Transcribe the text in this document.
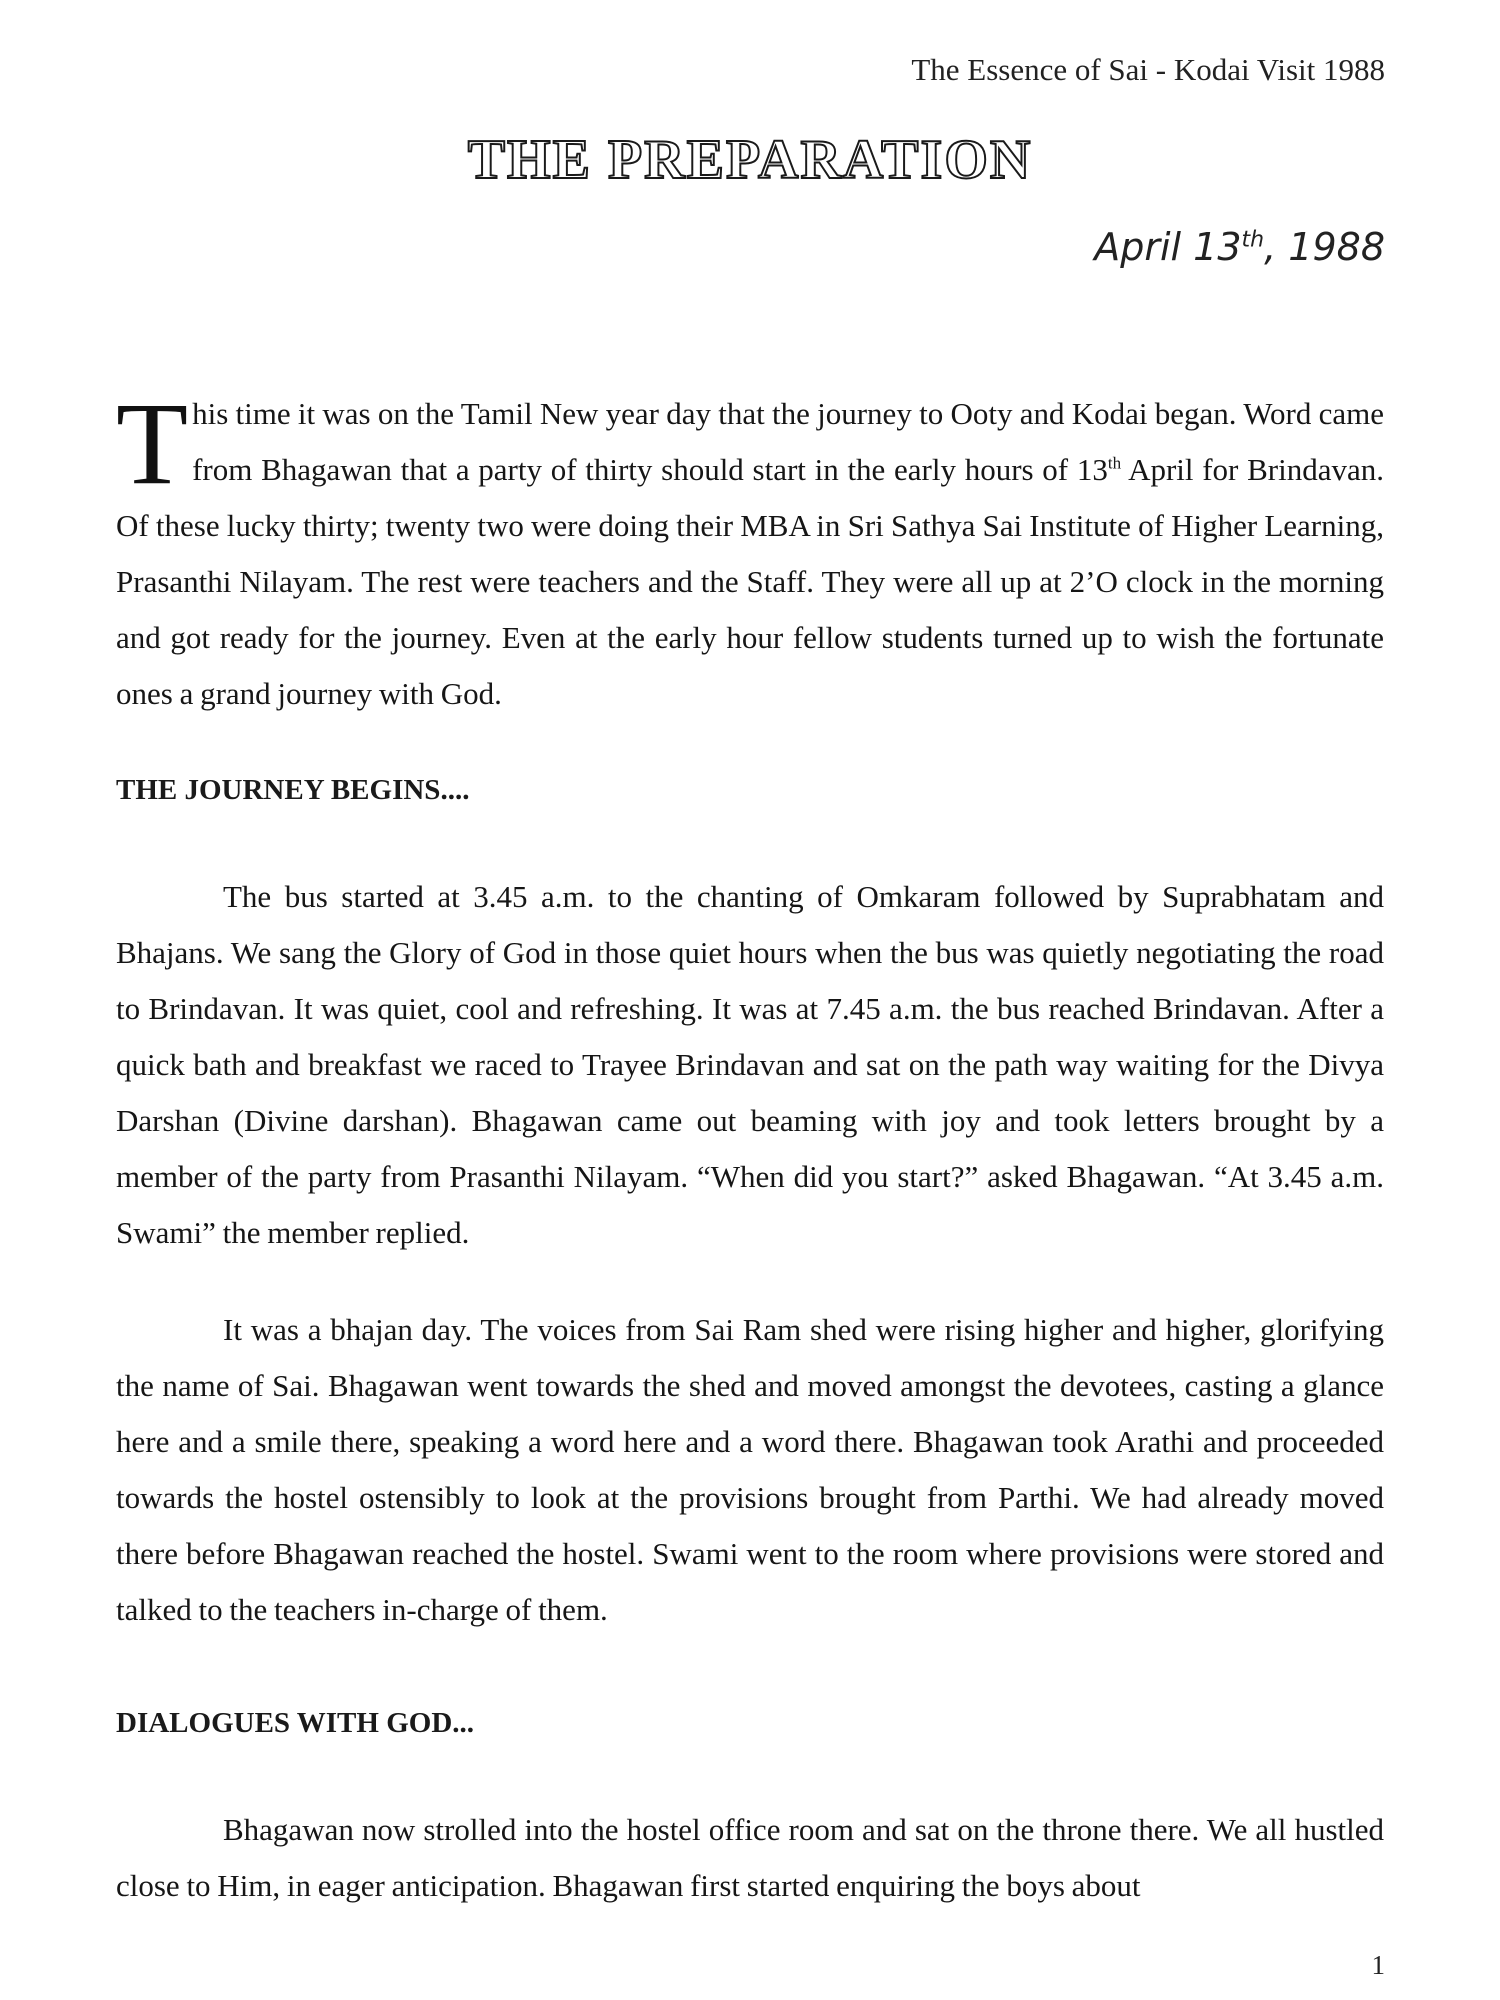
The Essence of Sai - Kodai Visit 1988
THE PREPARATION
April 13th, 1988
This time it was on the Tamil New year day that the journey to Ooty and Kodai began. Word came from Bhagawan that a party of thirty should start in the early hours of 13th April for Brindavan. Of these lucky thirty; twenty two were doing their MBA in Sri Sathya Sai Institute of Higher Learning, Prasanthi Nilayam. The rest were teachers and the Staff. They were all up at 2’O clock in the morning and got ready for the journey. Even at the early hour fellow students turned up to wish the fortunate ones a grand journey with God.
THE JOURNEY BEGINS....
The bus started at 3.45 a.m. to the chanting of Omkaram followed by Suprabhatam and Bhajans. We sang the Glory of God in those quiet hours when the bus was quietly negotiating the road to Brindavan. It was quiet, cool and refreshing. It was at 7.45 a.m. the bus reached Brindavan. After a quick bath and breakfast we raced to Trayee Brindavan and sat on the path way waiting for the Divya Darshan (Divine darshan). Bhagawan came out beaming with joy and took letters brought by a member of the party from Prasanthi Nilayam. “When did you start?” asked Bhagawan. “At 3.45 a.m. Swami” the member replied.
It was a bhajan day. The voices from Sai Ram shed were rising higher and higher, glorifying the name of Sai. Bhagawan went towards the shed and moved amongst the devotees, casting a glance here and a smile there, speaking a word here and a word there. Bhagawan took Arathi and proceeded towards the hostel ostensibly to look at the provisions brought from Parthi. We had already moved there before Bhagawan reached the hostel. Swami went to the room where provisions were stored and talked to the teachers in-charge of them.
DIALOGUES WITH GOD...
Bhagawan now strolled into the hostel office room and sat on the throne there. We all hustled close to Him, in eager anticipation. Bhagawan first started enquiring the boys about
1
